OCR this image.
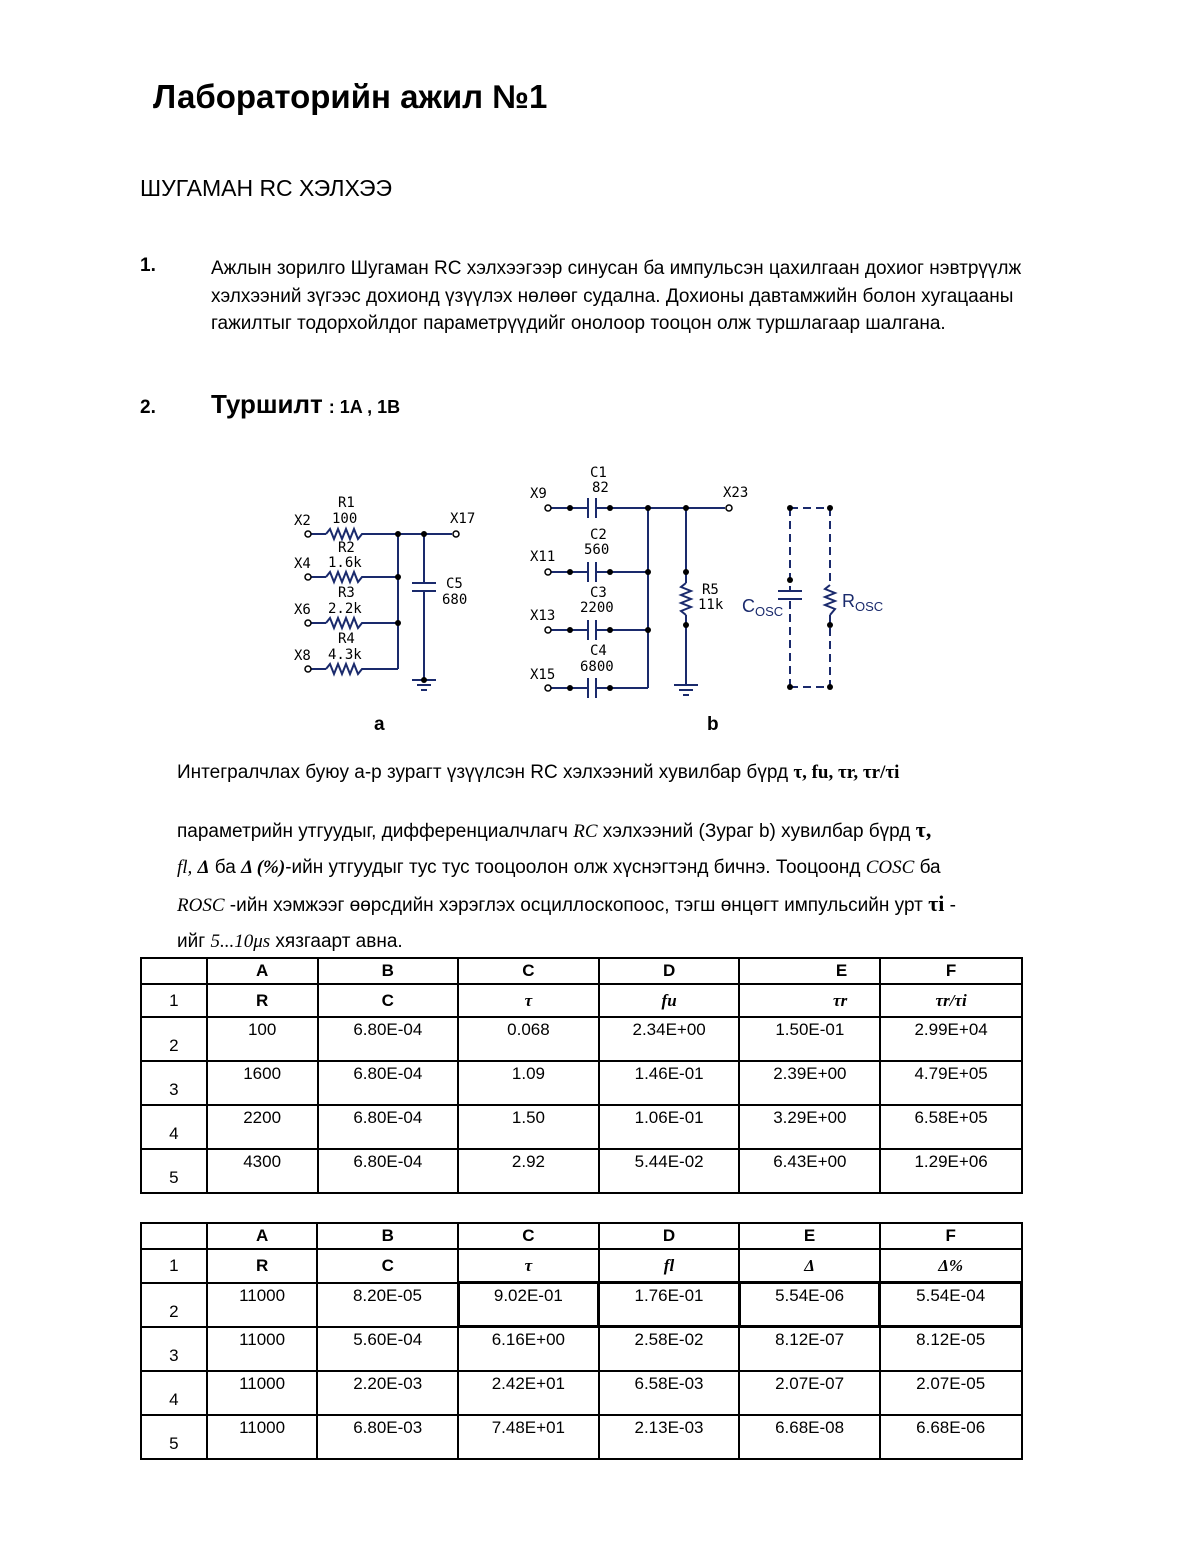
Лабораторийн ажил №1
ШУГАМАН RC ХЭЛХЭЭ
1.	Ажлын зорилго Шугаман RC хэлхээгээр синусан ба импульсэн цахилгаан дохиог нэвтрүүлж хэлхээний зүгээс дохионд үзүүлэх нөлөөг судална. Дохионы давтамжийн болон хугацааны гажилтыг тодорхойлдог параметрүүдийг онолоор тооцон олж туршлагаар шалгана.
2. Туршилт : 1A , 1B
X2
R1
100
X4
R2
1.6k
X6
R3
2.2k
X8
R4
4.3k
C5
680
X17
X9
C1
82
X11
C2
560
X13
C3
2200
X15
C4
6800
R5
11k
X23
$C_{OSC}$
$R_{OSC}$
a	b
Интегралчлах буюу а-р зурагт үзүүлсэн RC хэлхээний хувилбар бүрд τ, fu, τr, τr/τi
параметрийн утгуудыг, дифференциалчлагч RC хэлхээний (Зураг b) хувилбар бүрд τ,
fl, Δ ба Δ (%)-ийн утгуудыг тус тус тооцоолон олж хүснэгтэнд бичнэ. Тооцоонд COSC ба
ROSC -ийн хэмжээг өөрсдийн хэрэглэх осциллоскопоос, тэгш өнцөгт импульсийн урт τi -
ийг 5...10μs хязгаарт авна.
	A	B	C	D	E	F
1	R	C	τ	fu	τr	τr/τi
2	100	6.80E-04	0.068	2.34E+00	1.50E-01	2.99E+04
3	1600	6.80E-04	1.09	1.46E-01	2.39E+00	4.79E+05
4	2200	6.80E-04	1.50	1.06E-01	3.29E+00	6.58E+05
5	4300	6.80E-04	2.92	5.44E-02	6.43E+00	1.29E+06
	A	B	C	D	E	F
1	R	C	τ	fl	Δ	Δ%
2	11000	8.20E-05	9.02E-01	1.76E-01	5.54E-06	5.54E-04
3	11000	5.60E-04	6.16E+00	2.58E-02	8.12E-07	8.12E-05
4	11000	2.20E-03	2.42E+01	6.58E-03	2.07E-07	2.07E-05
5	11000	6.80E-03	7.48E+01	2.13E-03	6.68E-08	6.68E-06
